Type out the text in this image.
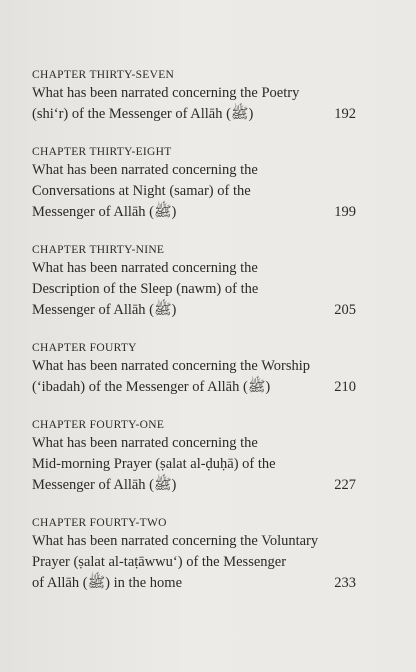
CHAPTER THIRTY-SEVEN
What has been narrated concerning the Poetry
(shi‘r) of the Messenger of Allāh (ﷺ)	192
CHAPTER THIRTY-EIGHT
What has been narrated concerning the
Conversations at Night (samar) of the
Messenger of Allāh (ﷺ)	199
CHAPTER THIRTY-NINE
What has been narrated concerning the
Description of the Sleep (nawm) of the
Messenger of Allāh (ﷺ)	205
CHAPTER FOURTY
What has been narrated concerning the Worship
(‘ibadah) of the Messenger of Allāh (ﷺ)	210
CHAPTER FOURTY-ONE
What has been narrated concerning the
Mid-morning Prayer (ṣalat al-ḍuḥā) of the
Messenger of Allāh (ﷺ)	227
CHAPTER FOURTY-TWO
What has been narrated concerning the Voluntary
Prayer (ṣalat al-taṭāwwu‘) of the Messenger
of Allāh (ﷺ) in the home	233
